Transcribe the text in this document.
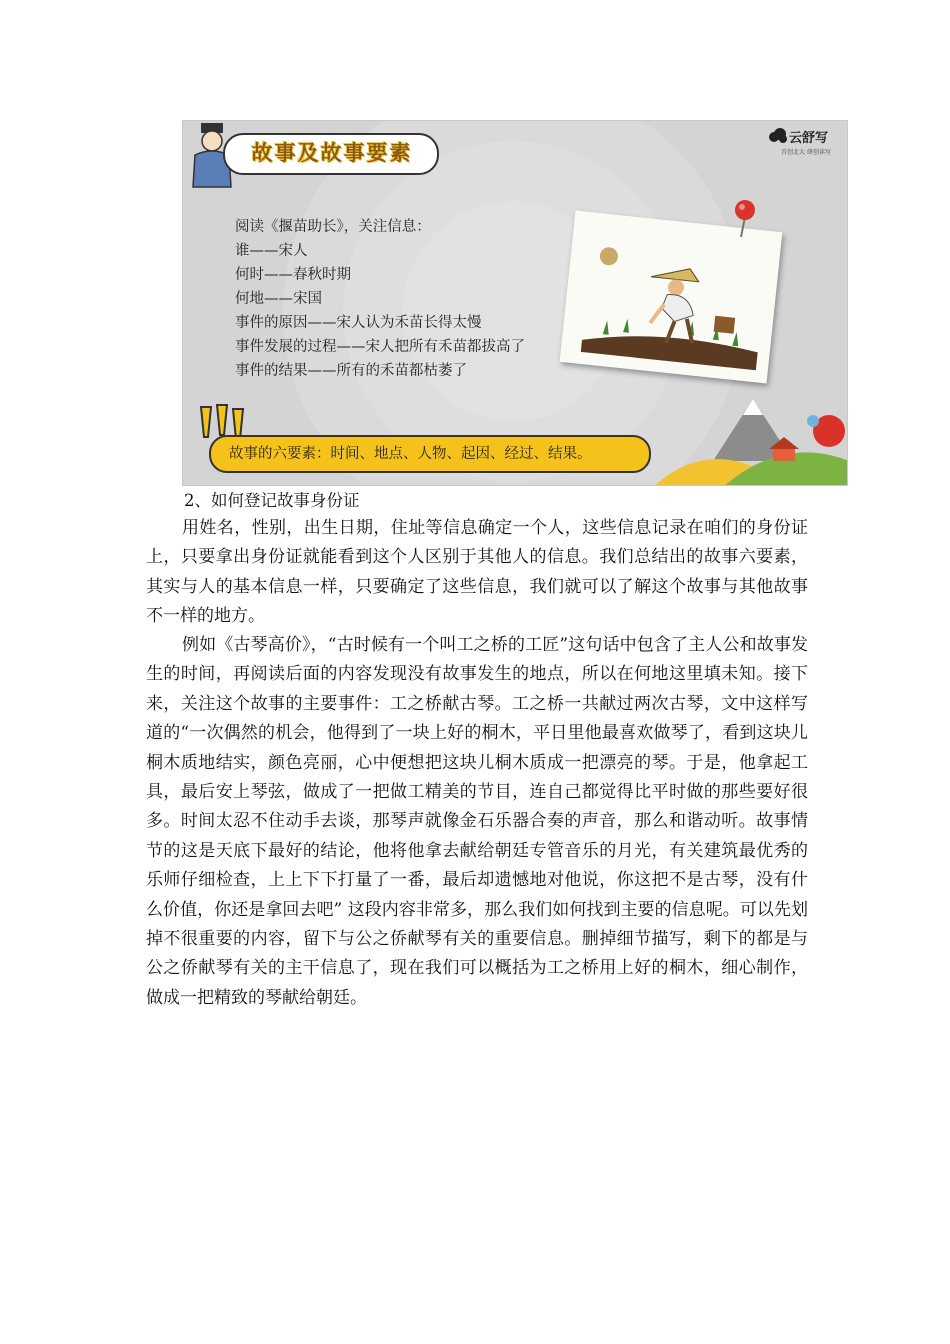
故事及故事要素
云舒写
首创北大 研创读写
阅读《揠苗助长》，关注信息：
谁——宋人
何时——春秋时期
何地——宋国
事件的原因——宋人认为禾苗长得太慢
事件发展的过程——宋人把所有禾苗都拔高了
事件的结果——所有的禾苗都枯萎了
故事的六要素：时间、地点、人物、起因、经过、结果。
2、如何登记故事身份证

用姓名，性别，出生日期，住址等信息确定一个人，这些信息记录在咱们的身份证上，只要拿出身份证就能看到这个人区别于其他人的信息。我们总结出的故事六要素，其实与人的基本信息一样，只要确定了这些信息，我们就可以了解这个故事与其他故事不一样的地方。

例如《古琴高价》，“古时候有一个叫工之桥的工匠”这句话中包含了主人公和故事发生的时间，再阅读后面的内容发现没有故事发生的地点，所以在何地这里填未知。接下来，关注这个故事的主要事件：工之桥献古琴。工之桥一共献过两次古琴，文中这样写道的“一次偶然的机会，他得到了一块上好的桐木，平日里他最喜欢做琴了，看到这块儿桐木质地结实，颜色亮丽，心中便想把这块儿桐木质成一把漂亮的琴。于是，他拿起工具，最后安上琴弦，做成了一把做工精美的节目，连自己都觉得比平时做的那些要好很多。时间太忍不住动手去谈，那琴声就像金石乐器合奏的声音，那么和谐动听。故事情节的这是天底下最好的结论，他将他拿去献给朝廷专管音乐的月光，有关建筑最优秀的乐师仔细检查，上上下下打量了一番，最后却遗憾地对他说，你这把不是古琴，没有什么价值，你还是拿回去吧” 这段内容非常多，那么我们如何找到主要的信息呢。可以先划掉不很重要的内容，留下与公之侨献琴有关的重要信息。删掉细节描写，剩下的都是与公之侨献琴有关的主干信息了，现在我们可以概括为工之桥用上好的桐木，细心制作，做成一把精致的琴献给朝廷。
